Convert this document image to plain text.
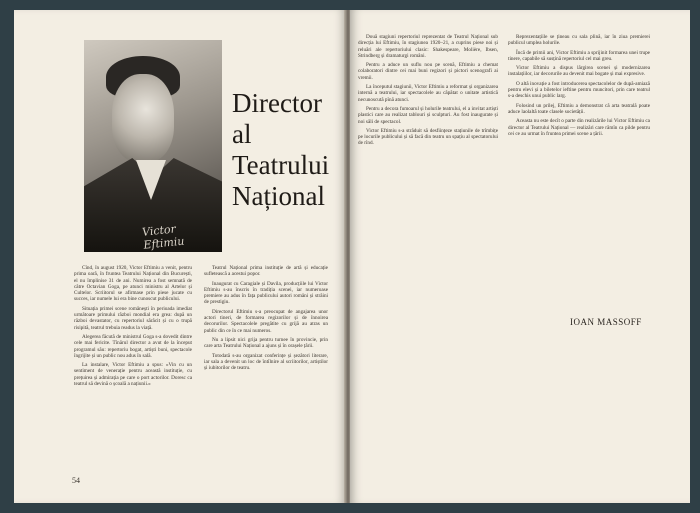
Victor Eftimiu
Director
al
Teatrului
Național

Cînd, în august 1920, Victor Eftimiu a venit, pentru prima oară, în fruntea Teatrului Național din București, el nu împlinise 31 de ani. Numirea a fost semnată de către Octavian Goga, pe atunci ministru al Artelor și Cultelor. Scriitorul se afirmase prin piese jucate cu succes, iar numele lui era bine cunoscut publicului.

Situația primei scene românești în perioada imediat următoare primului război mondial era grea: după un război devastator, cu repertoriul sărăcit și cu o trupă risipită, teatrul trebuia readus la viață.

Alegerea făcută de ministrul Goga s-a dovedit dintre cele mai fericite. Tînărul director a avut de la început programul său: repertoriu bogat, artiști buni, spectacole îngrijite și un public nou adus în sală.

La instalare, Victor Eftimiu a spus: «Vin cu un sentiment de venerație pentru această instituție, cu prețuirea și admirația pe care o port actorilor. Doresc ca teatrul să devină o școală a națiunii.»

Teatrul Național prima instituție de artă și educație sufletească a acestui popor.

Inaugurat cu Caragiale și Davila, producțiile lui Victor Eftimiu s-au înscris în tradiția scenei, iar numeroase premiere au adus în fața publicului autori români și străini de prestigiu.

Directorul Eftimiu s-a preocupat de angajarea unor actori tineri, de formarea regizorilor și de înnoirea decorurilor. Spectacolele pregătite cu grijă au atras un public din ce în ce mai numeros.

Nu a lipsit nici grija pentru turnee în provincie, prin care arta Teatrului Național a ajuns și în orașele țării.

Totodată s-au organizat conferințe și șezători literare, iar sala a devenit un loc de întîlnire al scriitorilor, artiștilor și iubitorilor de teatru.

54

Două stagiuni repertoriul reprezentat de Teatrul Național sub direcția lui Eftimiu, în stagiunea 1920–21, a cuprins piese noi și reluări ale repertoriului clasic: Shakespeare, Molière, Ibsen, Strindberg și dramaturgi români.

Pentru a aduce un suflu nou pe scenă, Eftimiu a chemat colaboratori dintre cei mai buni regizori și pictori scenografi ai vremii.

La începutul stagiunii, Victor Eftimiu a reformat și organizarea internă a teatrului, iar spectacolele au căpătat o unitate artistică necunoscută pînă atunci.

Pentru a decora fumoarul și holurile teatrului, el a invitat artiști plastici care au realizat tablouri și sculpturi. Au fost inaugurate și noi săli de spectacol.

Victor Eftimiu s-a străduit să desființeze stațiunile de trîmbițe pe locurile publicului și să facă din teatru un spațiu al spectatorului de rînd.

Reprezentațiile se țineau cu sala plină, iar în ziua premierei publicul umplea holurile.

Încă de primii ani, Victor Eftimiu a sprijinit formarea unei trupe tinere, capabile să susțină repertoriul cel mai greu.

Victor Eftimiu a dispus lărgirea scenei și modernizarea instalațiilor, iar decorurile au devenit mai bogate și mai expresive.

O altă inovație a fost introducerea spectacolelor de după-amiază pentru elevi și a biletelor ieftine pentru muncitori, prin care teatrul s-a deschis unui public larg.

Folosind un prilej, Eftimiu a demonstrat că arta teatrală poate aduce laolaltă toate clasele societății.

Aceasta nu este decît o parte din realizările lui Victor Eftimiu ca director al Teatrului Național — realizări care rămîn ca pilde pentru cei ce au urmat în fruntea primei scene a țării.

IOAN MASSOFF
